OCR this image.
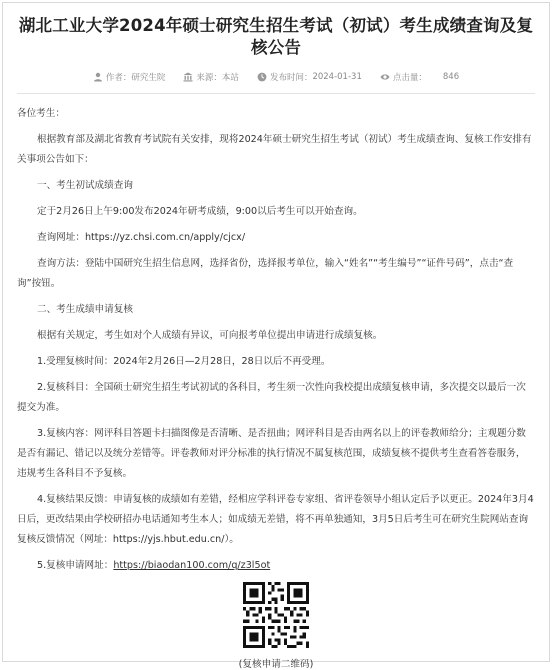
湖北工业大学2024年硕士研究生招生考试（初试）考生成绩查询及复核公告
作者： 研究生院	来源： 本站	发布时间： 2024-01-31	点击量： 846

各位考生：

根据教育部及湖北省教育考试院有关安排，现将2024年硕士研究生招生考试（初试）考生成绩查询、复核工作安排有关事项公告如下：

一、考生初试成绩查询

定于2月26日上午9:00发布2024年研考成绩，9:00以后考生可以开始查询。

查询网址：https://yz.chsi.com.cn/apply/cjcx/

查询方法：登陆中国研究生招生信息网，选择省份，选择报考单位，输入“姓名”“考生编号”“证件号码”，点击“查询”按钮。

二、考生成绩申请复核

根据有关规定，考生如对个人成绩有异议，可向报考单位提出申请进行成绩复核。

1.受理复核时间：2024年2月26日—2月28日，28日以后不再受理。

2.复核科目：全国硕士研究生招生考试初试的各科目，考生须一次性向我校提出成绩复核申请，多次提交以最后一次提交为准。

3.复核内容：网评科目答题卡扫描图像是否清晰、是否扭曲；网评科目是否由两名以上的评卷教师给分；主观题分数是否有漏记、错记以及统分差错等。评卷教师对评分标准的执行情况不属复核范围，成绩复核不提供考生查看答卷服务，违规考生各科目不予复核。

4.复核结果反馈：申请复核的成绩如有差错，经相应学科评卷专家组、省评卷领导小组认定后予以更正。2024年3月4日后，更改结果由学校研招办电话通知考生本人；如成绩无差错，将不再单独通知，3月5日后考生可在研究生院网站查询复核反馈情况（网址：https://yjs.hbut.edu.cn/）。

5.复核申请网址：https://biaodan100.com/q/z3l5ot

(复核申请二维码)
